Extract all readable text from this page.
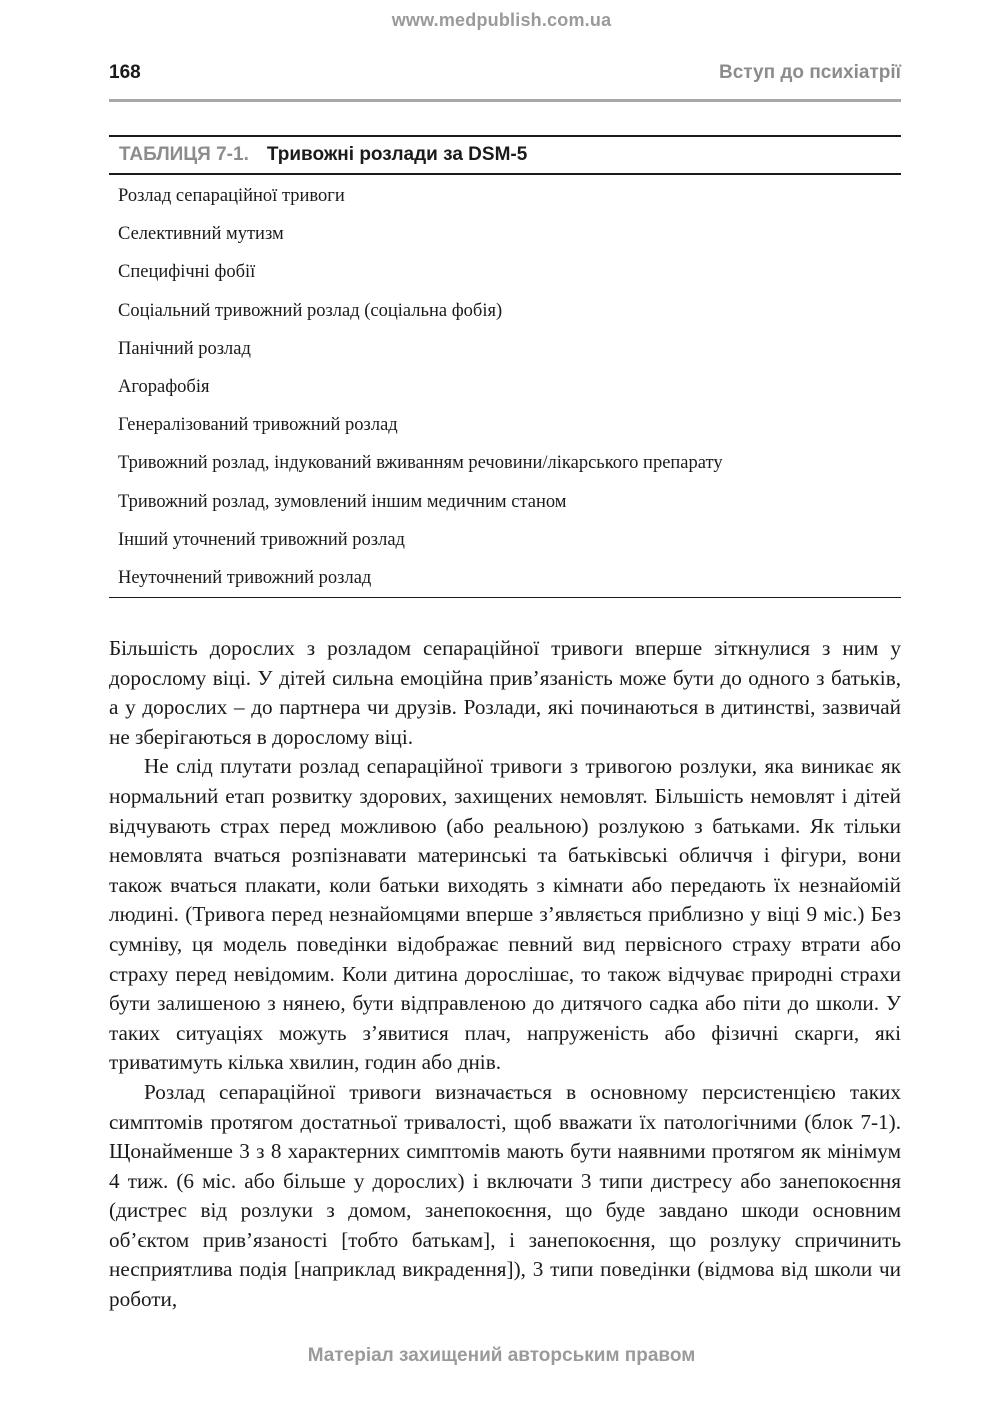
www.medpublish.com.ua
168	Вступ до психіатрії
ТАБЛИЦЯ 7-1. Тривожні розлади за DSM-5
Розлад сепараційної тривоги
Селективний мутизм
Специфічні фобії
Соціальний тривожний розлад (соціальна фобія)
Панічний розлад
Агорафобія
Генералізований тривожний розлад
Тривожний розлад, індукований вживанням речовини/лікарського препарату
Тривожний розлад, зумовлений іншим медичним станом
Інший уточнений тривожний розлад
Неуточнений тривожний розлад

Більшість дорослих з розладом сепараційної тривоги вперше зіткнулися з ним у дорослому віці. У дітей сильна емоційна прив’язаність може бути до одного з батьків, а у дорослих – до партнера чи друзів. Розлади, які починаються в дитинстві, зазвичай не зберігаються в дорослому віці.

Не слід плутати розлад сепараційної тривоги з тривогою розлуки, яка виникає як нормальний етап розвитку здорових, захищених немовлят. Більшість немовлят і дітей відчувають страх перед можливою (або реальною) розлукою з батьками. Як тільки немовлята вчаться розпізнавати материнські та батьківські обличчя і фігури, вони також вчаться плакати, коли батьки виходять з кімнати або передають їх незнайомій людині. (Тривога перед незнайомцями вперше з’являється приблизно у віці 9 міс.) Без сумніву, ця модель поведінки відображає певний вид первісного страху втрати або страху перед невідомим. Коли дитина дорослішає, то також відчуває природні страхи бути залишеною з нянею, бути відправленою до дитячого садка або піти до школи. У таких ситуаціях можуть з’явитися плач, напруженість або фізичні скарги, які триватимуть кілька хвилин, годин або днів.

Розлад сепараційної тривоги визначається в основному персистенцією таких симптомів протягом достатньої тривалості, щоб вважати їх патологічними (блок 7-1). Щонайменше 3 з 8 характерних симптомів мають бути наявними протягом як мінімум 4 тиж. (6 міс. або більше у дорослих) і включати 3 типи дистресу або занепокоєння (дистрес від розлуки з домом, занепокоєння, що буде завдано шкоди основним об’єктом прив’язаності [тобто батькам], і занепокоєння, що розлуку спричинить несприятлива подія [наприклад викрадення]), 3 типи поведінки (відмова від школи чи роботи,

Матеріал захищений авторським правом
